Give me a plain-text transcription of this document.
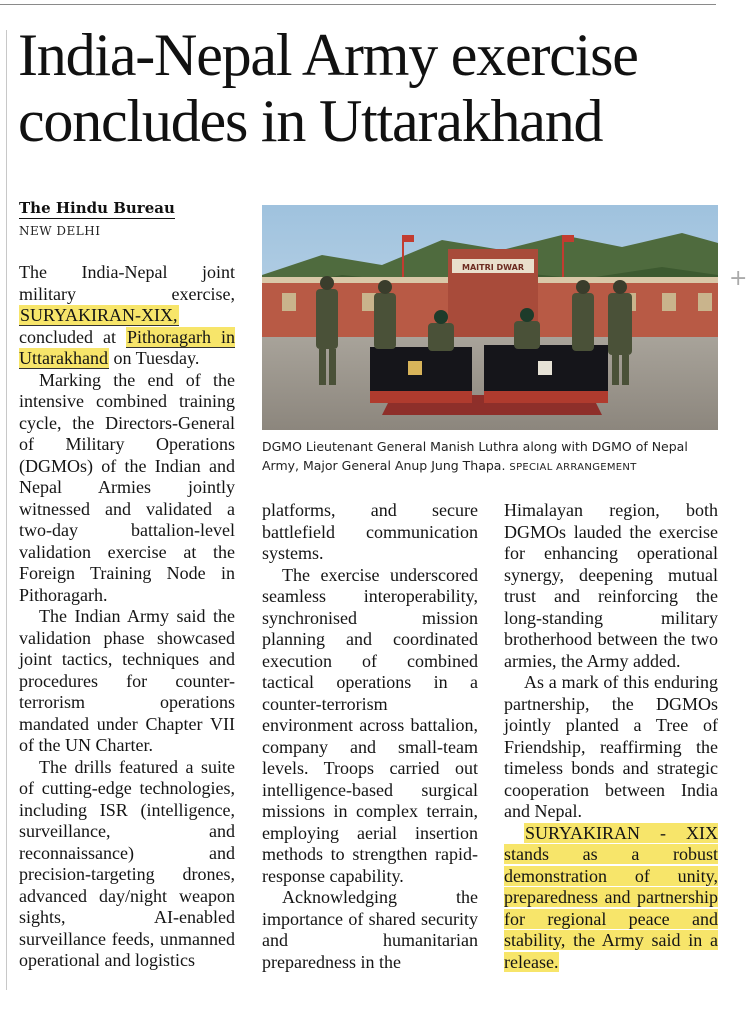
+
India-Nepal Army exercise
concludes in Uttarakhand
The Hindu Bureau
NEW DELHI

The India-Nepal joint military exercise, SURYAKIRAN-XIX, concluded at Pithoragarh in Uttarakhand on Tuesday.

Marking the end of the intensive combined training cycle, the Directors-General of Military Operations (DGMOs) of the Indian and Nepal Armies jointly witnessed and validated a two-day battalion-level validation exercise at the Foreign Training Node in Pithoragarh.

The Indian Army said the validation phase showcased joint tactics, techniques and procedures for counter-terrorism operations mandated under Chapter VII of the UN Charter.

The drills featured a suite of cutting-edge technologies, including ISR (intelligence, surveillance, and reconnaissance) and precision-targeting drones, advanced day/night weapon sights, AI-enabled surveillance feeds, unmanned operational and logistics

MAITRI DWAR
DGMO Lieutenant General Manish Luthra along with DGMO of Nepal Army, Major General Anup Jung Thapa. SPECIAL ARRANGEMENT

platforms, and secure battlefield communication systems.

The exercise underscored seamless interoperability, synchronised mission planning and coordinated execution of combined tactical operations in a counter-terrorism environment across battalion, company and small-team levels. Troops carried out intelligence-based surgical missions in complex terrain, employing aerial insertion methods to strengthen rapid-response capability.

Acknowledging the importance of shared security and humanitarian preparedness in the

Himalayan region, both DGMOs lauded the exercise for enhancing operational synergy, deepening mutual trust and reinforcing the long-standing military brotherhood between the two armies, the Army added.

As a mark of this enduring partnership, the DGMOs jointly planted a Tree of Friendship, reaffirming the timeless bonds and strategic cooperation between India and Nepal.

SURYAKIRAN - XIX stands as a robust demonstration of unity, preparedness and partnership for regional peace and stability, the Army said in a release.
